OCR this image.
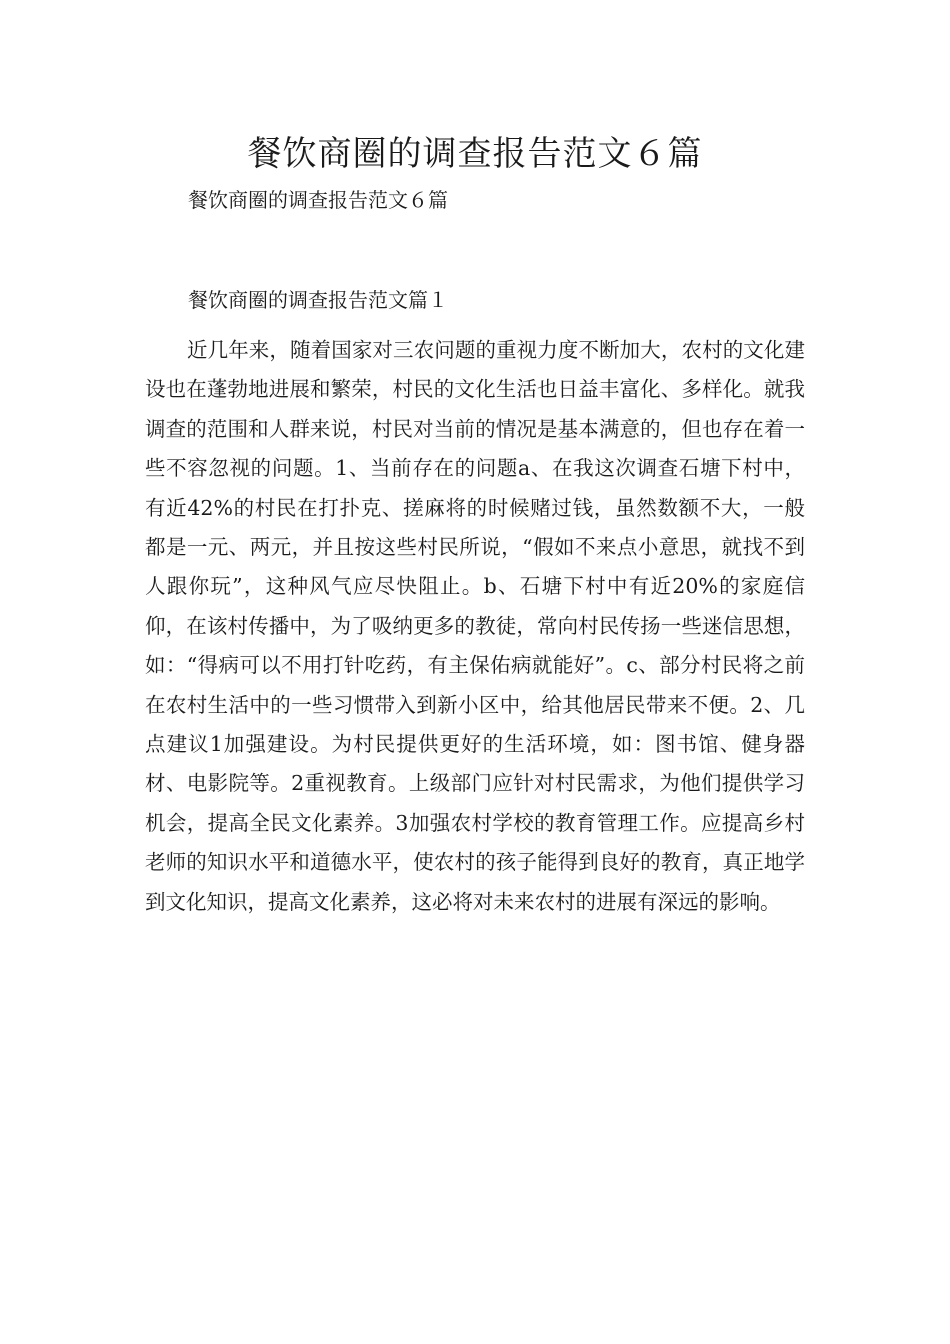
餐饮商圈的调查报告范文６篇

餐饮商圈的调查报告范文６篇

餐饮商圈的调查报告范文篇１

近几年来，随着国家对三农问题的重视力度不断加大，农村的文化建设也在蓬勃地进展和繁荣，村民的文化生活也日益丰富化、多样化。就我调查的范围和人群来说，村民对当前的情况是基本满意的，但也存在着一些不容忽视的问题。1、当前存在的问题a、在我这次调查石塘下村中，有近42%的村民在打扑克、搓麻将的时候赌过钱，虽然数额不大，一般都是一元、两元，并且按这些村民所说，“假如不来点小意思，就找不到人跟你玩”，这种风气应尽快阻止。b、石塘下村中有近20%的家庭信仰，在该村传播中，为了吸纳更多的教徒，常向村民传扬一些迷信思想，如：“得病可以不用打针吃药，有主保佑病就能好”。c、部分村民将之前在农村生活中的一些习惯带入到新小区中，给其他居民带来不便。2、几点建议1加强建设。为村民提供更好的生活环境，如：图书馆、健身器材、电影院等。2重视教育。上级部门应针对村民需求，为他们提供学习机会，提高全民文化素养。3加强农村学校的教育管理工作。应提高乡村老师的知识水平和道德水平，使农村的孩子能得到良好的教育，真正地学到文化知识，提高文化素养，这必将对未来农村的进展有深远的影响。
